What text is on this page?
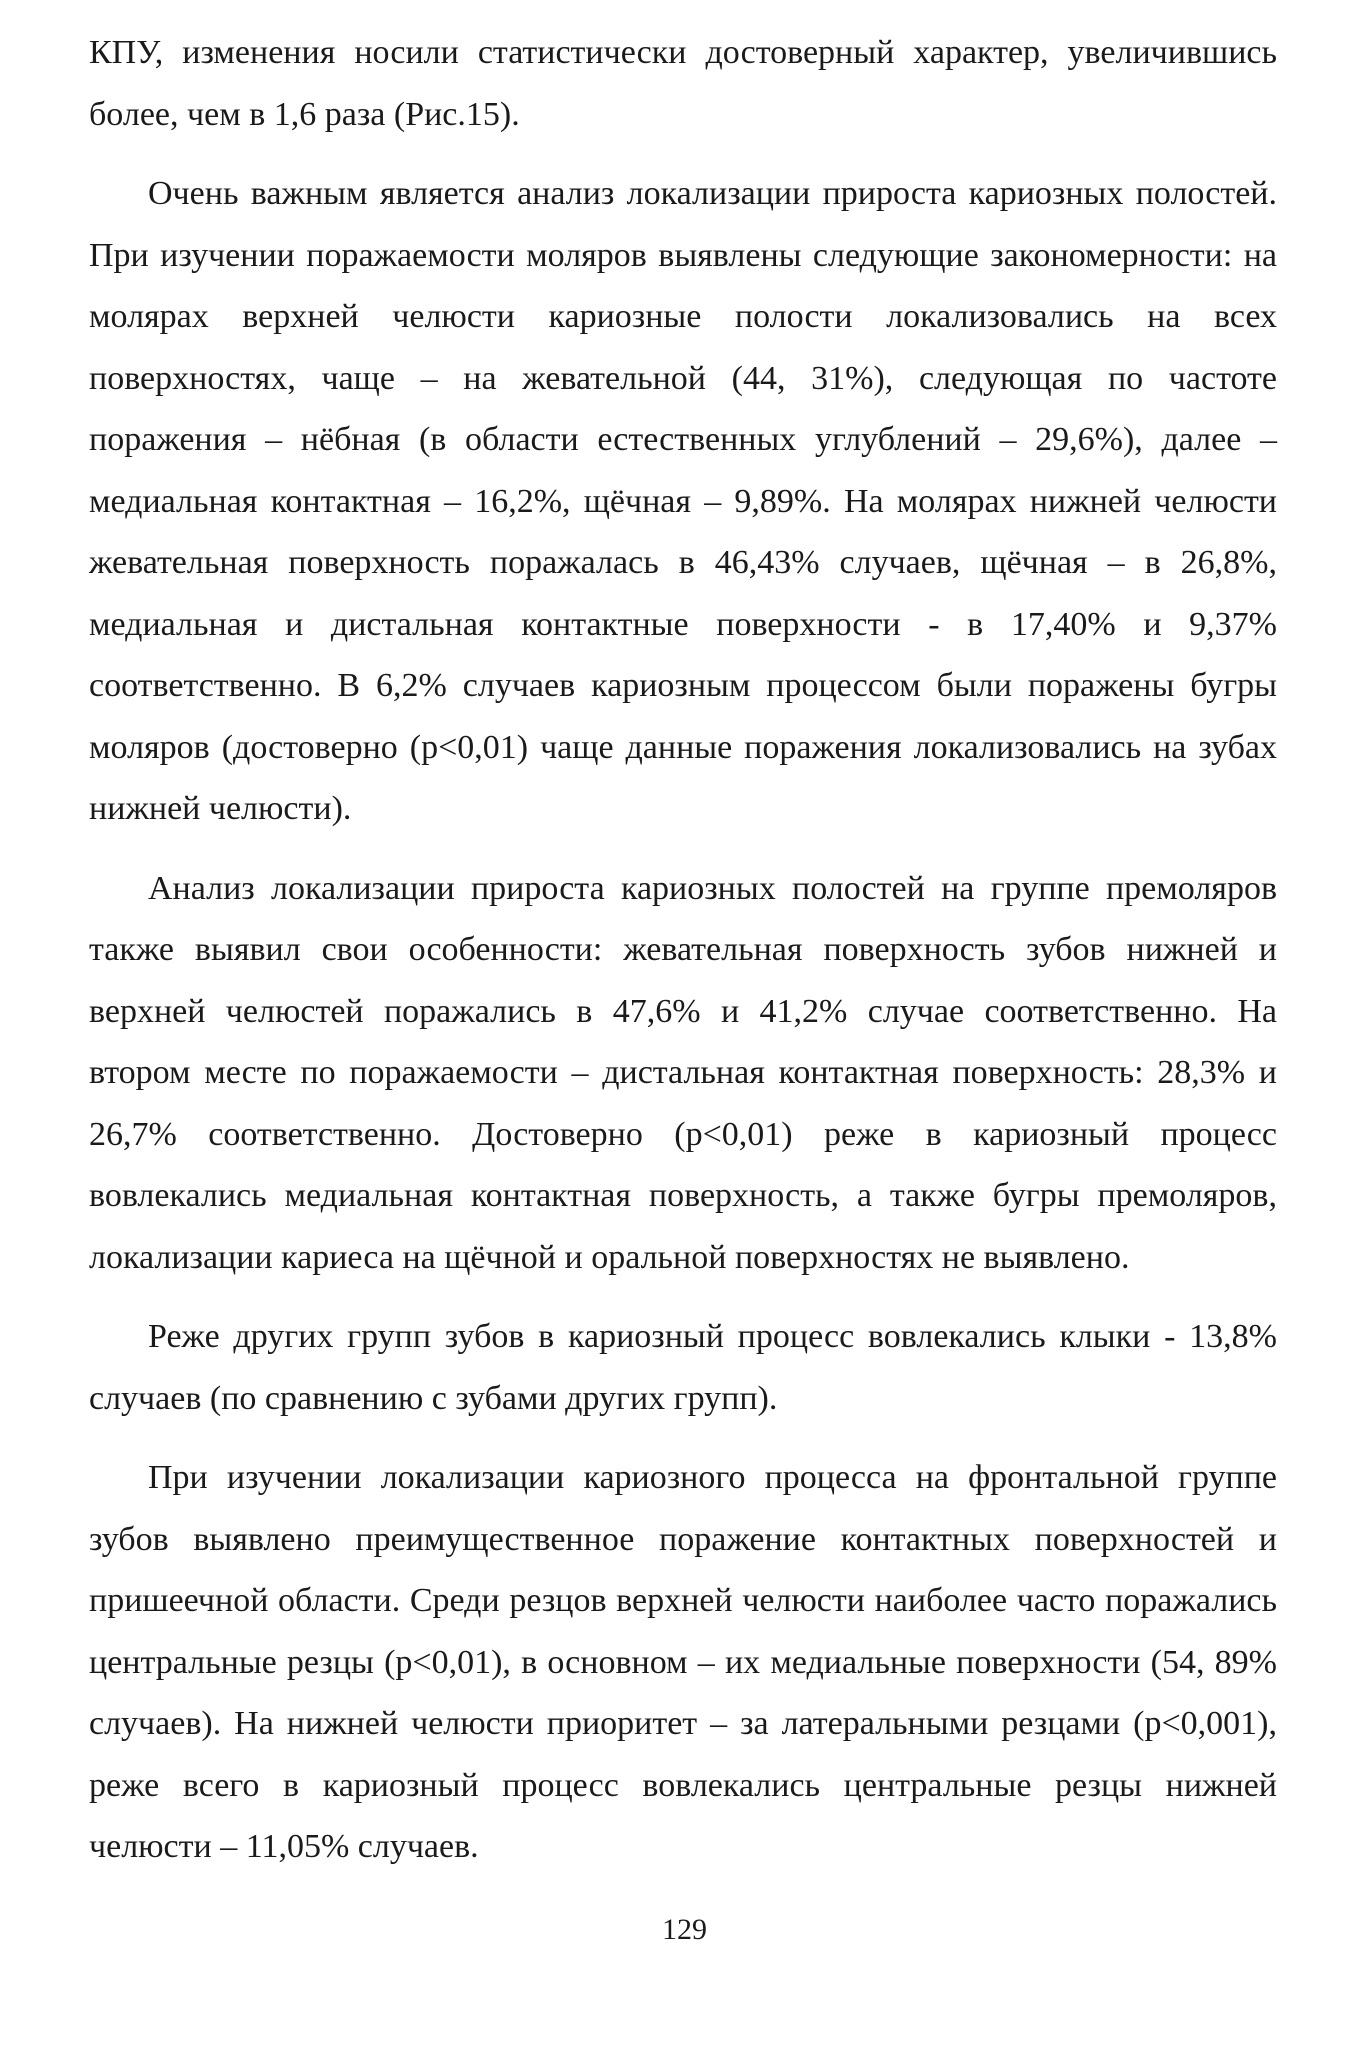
КПУ, изменения носили статистически достоверный характер, увеличившись более, чем в 1,6 раза (Рис.15).

Очень важным является анализ локализации прироста кариозных полостей. При изучении поражаемости моляров выявлены следующие закономерности: на молярах верхней челюсти кариозные полости локализовались на всех поверхностях, чаще – на жевательной (44, 31%), следующая по частоте поражения – нёбная (в области естественных углублений – 29,6%), далее – медиальная контактная – 16,2%, щёчная – 9,89%. На молярах нижней челюсти жевательная поверхность поражалась в 46,43% случаев, щёчная – в 26,8%, медиальная и дистальная контактные поверхности - в 17,40% и 9,37% соответственно. В 6,2% случаев кариозным процессом были поражены бугры моляров (достоверно (р<0,01) чаще данные поражения локализовались на зубах нижней челюсти).

Анализ локализации прироста кариозных полостей на группе премоляров также выявил свои особенности: жевательная поверхность зубов нижней и верхней челюстей поражались в 47,6% и 41,2% случае соответственно. На втором месте по поражаемости – дистальная контактная поверхность: 28,3% и 26,7% соответственно. Достоверно (р<0,01) реже в кариозный процесс вовлекались медиальная контактная поверхность, а также бугры премоляров, локализации кариеса на щёчной и оральной поверхностях не выявлено.

Реже других групп зубов в кариозный процесс вовлекались клыки - 13,8% случаев (по сравнению с зубами других групп).

При изучении локализации кариозного процесса на фронтальной группе зубов выявлено преимущественное поражение контактных поверхностей и пришеечной области. Среди резцов верхней челюсти наиболее часто поражались центральные резцы (р<0,01), в основном – их медиальные поверхности (54, 89% случаев). На нижней челюсти приоритет – за латеральными резцами (р<0,001), реже всего в кариозный процесс вовлекались центральные резцы нижней челюсти – 11,05% случаев.

129
